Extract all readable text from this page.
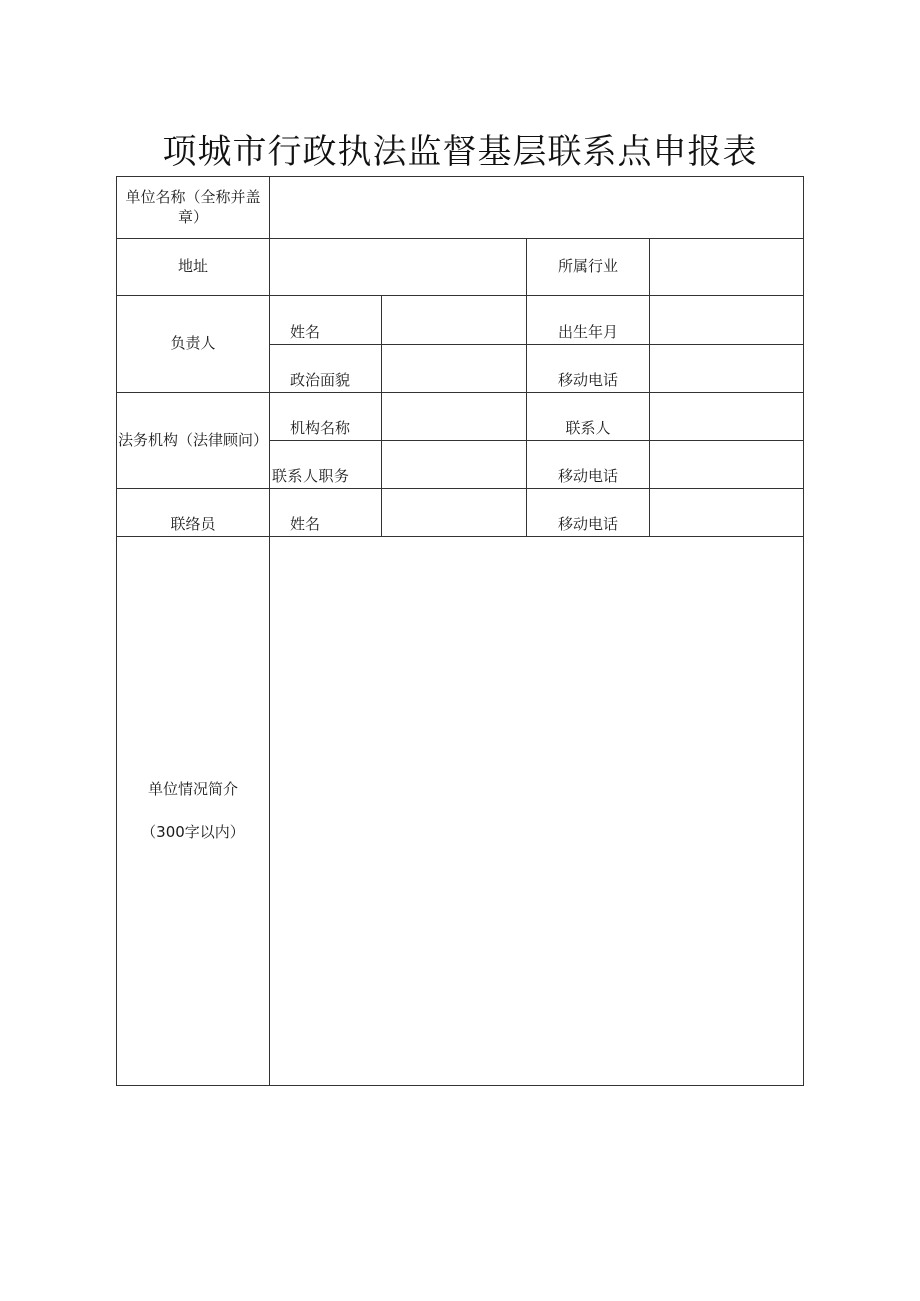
项城市行政执法监督基层联系点申报表
单位名称（全称并盖章）				
地址			所属行业	
负责人	姓名		出生年月	
	政治面貌		移动电话	
法务机构（法律顾问）	机构名称		联系人	
	联系人职务		移动电话	
联络员	姓名		移动电话	
单位情况简介
（300字以内）				
